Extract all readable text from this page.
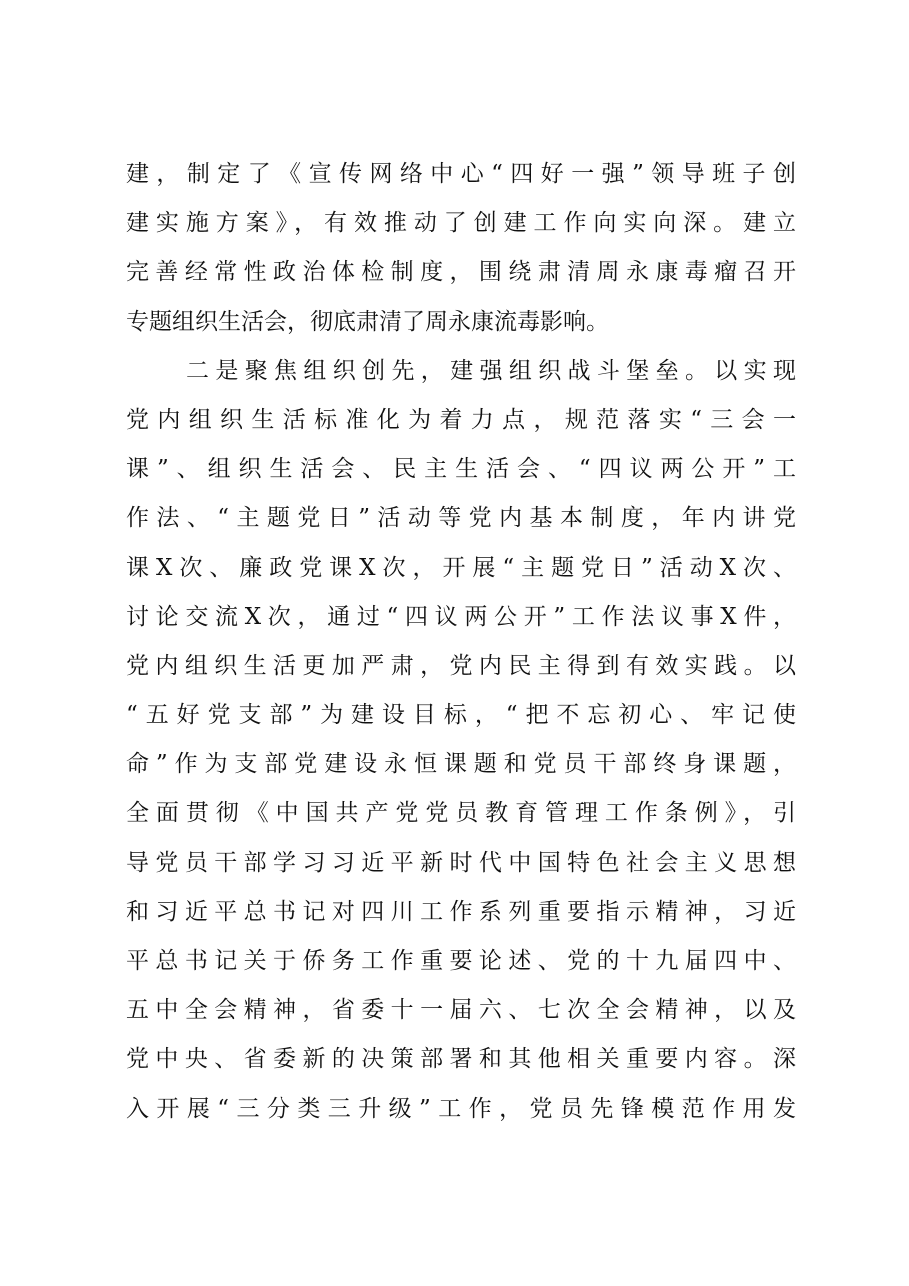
建，制定了《宣传网络中心“四好一强”领导班子创
建实施方案》，有效推动了创建工作向实向深。建立
完善经常性政治体检制度，围绕肃清周永康毒瘤召开
专题组织生活会，彻底肃清了周永康流毒影响。
二是聚焦组织创先，建强组织战斗堡垒。以实现
党内组织生活标准化为着力点，规范落实“三会一
课”、组织生活会、民主生活会、“四议两公开”工
作法、“主题党日”活动等党内基本制度，年内讲党
课X次、廉政党课X次，开展“主题党日”活动X次、
讨论交流X次，通过“四议两公开”工作法议事X件，
党内组织生活更加严肃，党内民主得到有效实践。以
“五好党支部”为建设目标，“把不忘初心、牢记使
命”作为支部党建设永恒课题和党员干部终身课题，
全面贯彻《中国共产党党员教育管理工作条例》，引
导党员干部学习习近平新时代中国特色社会主义思想
和习近平总书记对四川工作系列重要指示精神，习近
平总书记关于侨务工作重要论述、党的十九届四中、
五中全会精神，省委十一届六、七次全会精神，以及
党中央、省委新的决策部署和其他相关重要内容。深
入开展“三分类三升级”工作，党员先锋模范作用发
